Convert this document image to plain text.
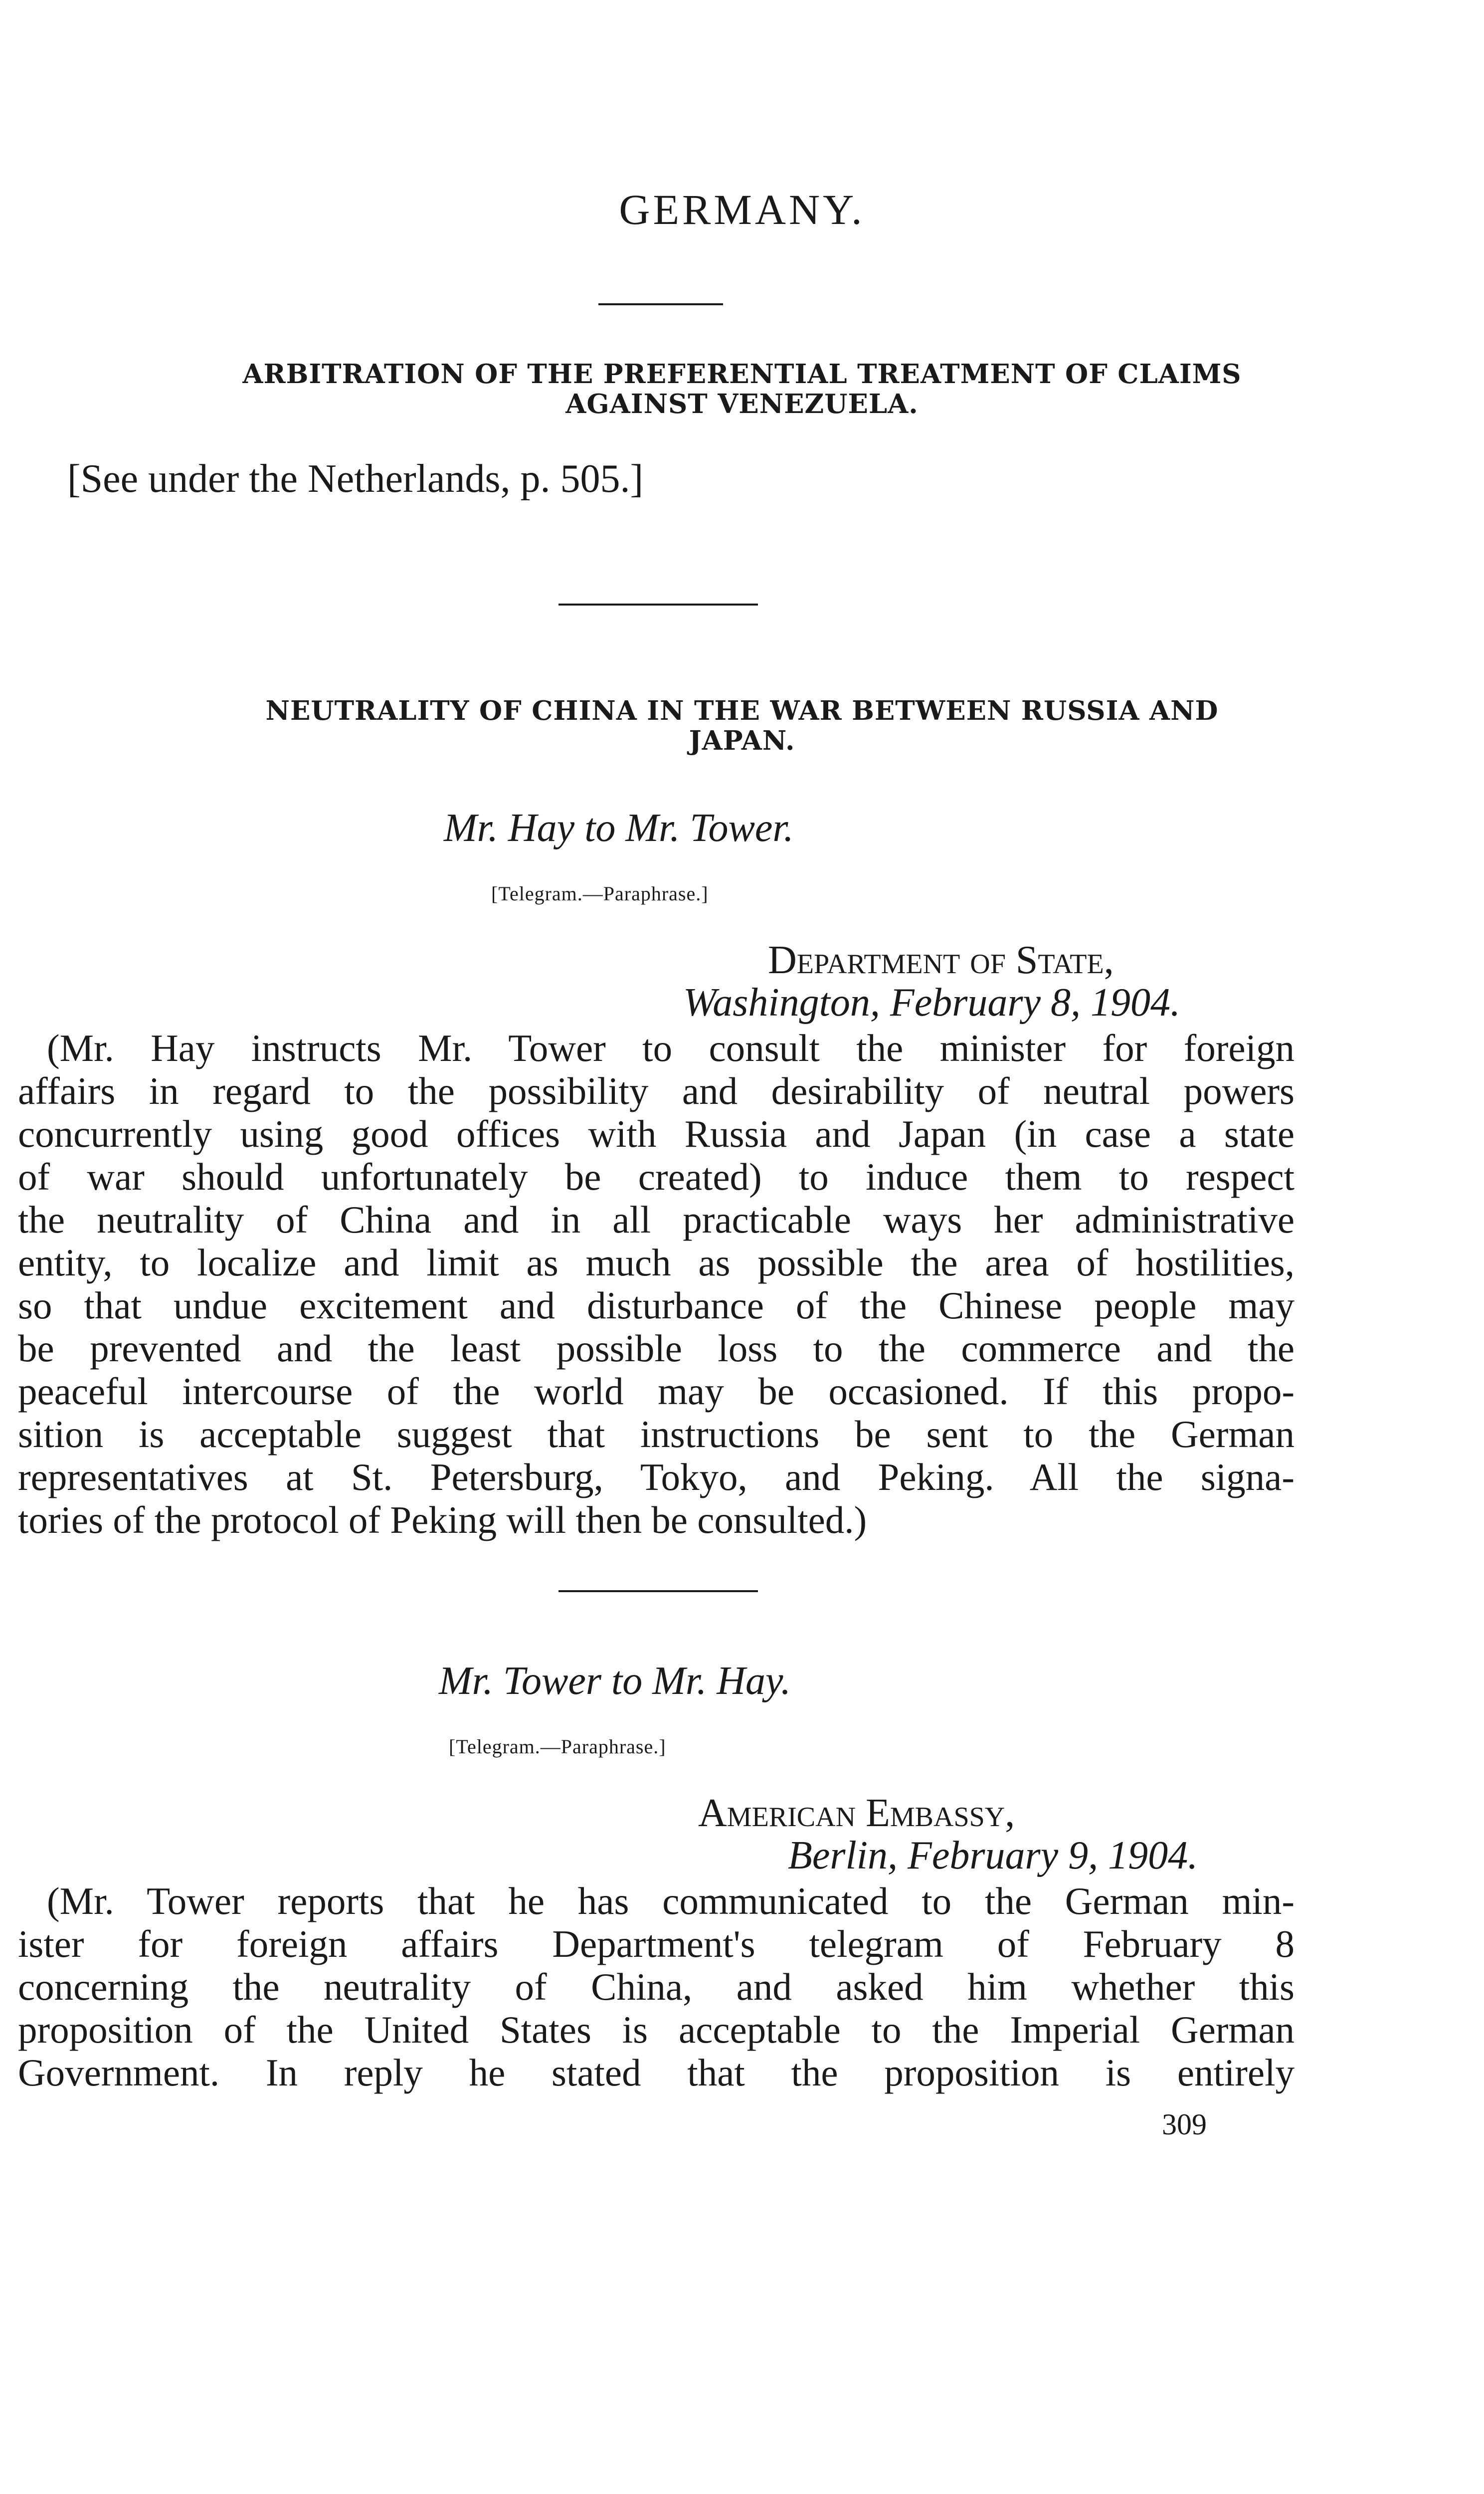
GERMANY.
ARBITRATION OF THE PREFERENTIAL TREATMENT OF CLAIMS
AGAINST VENEZUELA.
[See under the Netherlands, p. 505.]
NEUTRALITY OF CHINA IN THE WAR BETWEEN RUSSIA AND
JAPAN.
Mr. Hay to Mr. Tower.
[Telegram.—Paraphrase.]
Department of State,
Washington, February 8, 1904.
(Mr. Hay instructs Mr. Tower to consult the minister for foreign
affairs in regard to the possibility and desirability of neutral powers
concurrently using good offices with Russia and Japan (in case a state
of war should unfortunately be created) to induce them to respect
the neutrality of China and in all practicable ways her administrative
entity, to localize and limit as much as possible the area of hostilities,
so that undue excitement and disturbance of the Chinese people may
be prevented and the least possible loss to the commerce and the
peaceful intercourse of the world may be occasioned. If this propo-
sition is acceptable suggest that instructions be sent to the German
representatives at St. Petersburg, Tokyo, and Peking. All the signa-
tories of the protocol of Peking will then be consulted.)
Mr. Tower to Mr. Hay.
[Telegram.—Paraphrase.]
American Embassy,
Berlin, February 9, 1904.
(Mr. Tower reports that he has communicated to the German min-
ister for foreign affairs Department's telegram of February 8
concerning the neutrality of China, and asked him whether this
proposition of the United States is acceptable to the Imperial German
Government. In reply he stated that the proposition is entirely
309
